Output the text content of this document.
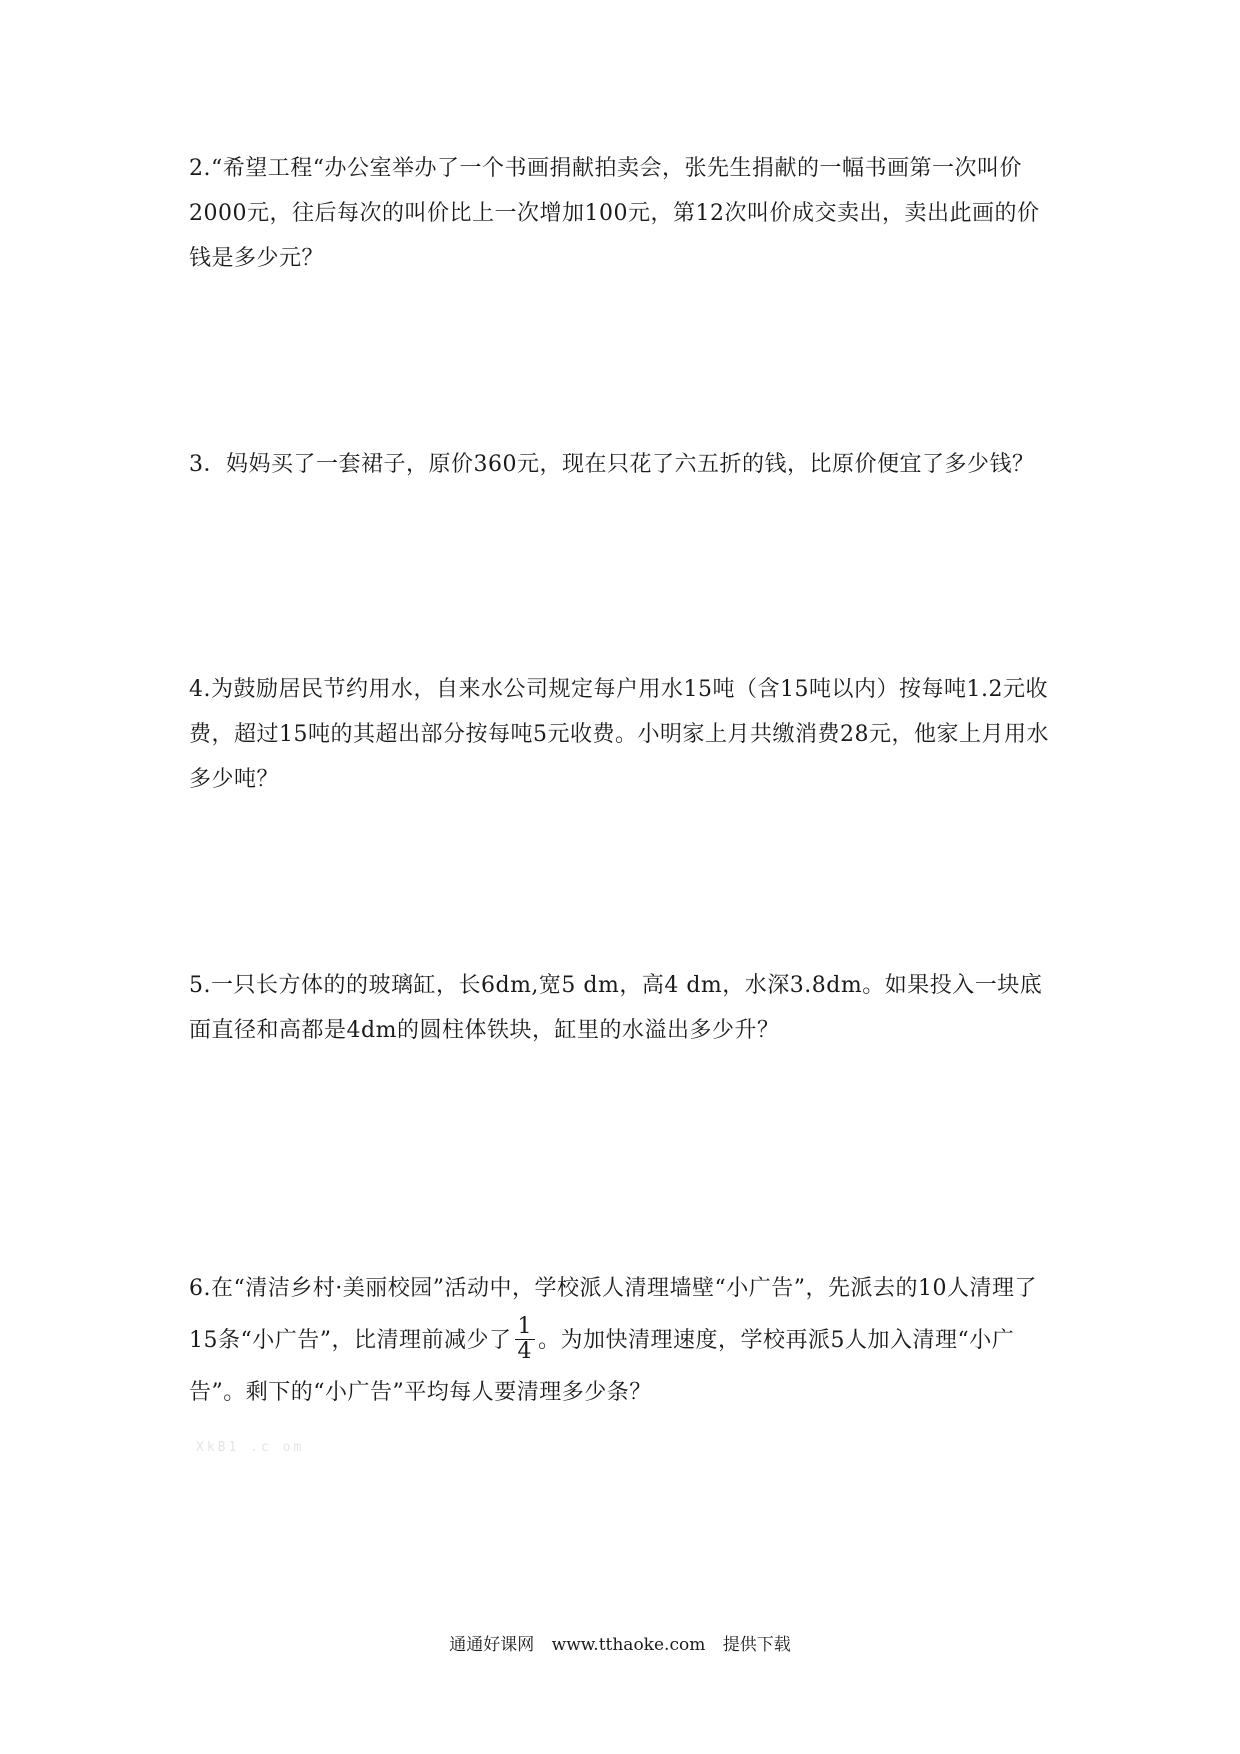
2.“希望工程“办公室举办了一个书画捐献拍卖会，张先生捐献的一幅书画第一次叫价2000元，往后每次的叫价比上一次增加100元，第12次叫价成交卖出，卖出此画的价钱是多少元？

3．妈妈买了一套裙子，原价360元，现在只花了六五折的钱，比原价便宜了多少钱？

4.为鼓励居民节约用水，自来水公司规定每户用水15吨（含15吨以内）按每吨1.2元收费，超过15吨的其超出部分按每吨5元收费。小明家上月共缴消费28元，他家上月用水多少吨？

5.一只长方体的的玻璃缸，长6dm,宽5 dm，高4 dm，水深3.8dm。如果投入一块底面直径和高都是4dm的圆柱体铁块，缸里的水溢出多少升？

6.在“清洁乡村·美丽校园”活动中，学校派人清理墙壁“小广告”，先派去的10人清理了15条“小广告”，比清理前减少了 $\frac{1}{4}$ 。为加快清理速度，学校再派5人加入清理“小广告”。剩下的“小广告”平均每人要清理多少条？

XkB1 .c om
通通好课网 www.tthaoke.com 提供下载
